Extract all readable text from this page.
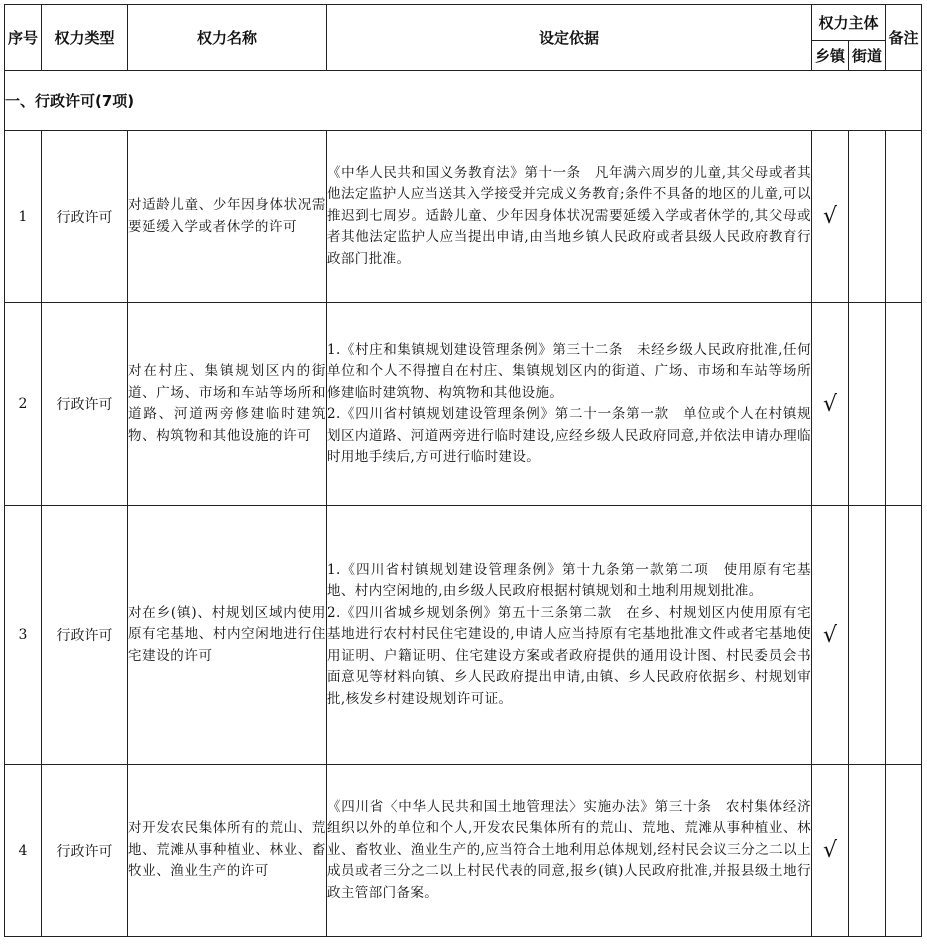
序号	权力类型	权力名称	设定依据	权力主体		备注
				乡镇	街道	
一、行政许可(7项)						
1	行政许可	对适龄儿童、少年因身体状况需要延缓入学或者休学的许可	《中华人民共和国义务教育法》第十一条　凡年满六周岁的儿童,其父母或者其他法定监护人应当送其入学接受并完成义务教育;条件不具备的地区的儿童,可以推迟到七周岁。适龄儿童、少年因身体状况需要延缓入学或者休学的,其父母或者其他法定监护人应当提出申请,由当地乡镇人民政府或者县级人民政府教育行政部门批准。	√		
2	行政许可	对在村庄、集镇规划区内的街道、广场、市场和车站等场所和道路、河道两旁修建临时建筑物、构筑物和其他设施的许可	1.《村庄和集镇规划建设管理条例》第三十二条　未经乡级人民政府批准,任何单位和个人不得擅自在村庄、集镇规划区内的街道、广场、市场和车站等场所修建临时建筑物、构筑物和其他设施。
2.《四川省村镇规划建设管理条例》第二十一条第一款　单位或个人在村镇规划区内道路、河道两旁进行临时建设,应经乡级人民政府同意,并依法申请办理临时用地手续后,方可进行临时建设。	√		
3	行政许可	对在乡(镇)、村规划区域内使用原有宅基地、村内空闲地进行住宅建设的许可	1.《四川省村镇规划建设管理条例》第十九条第一款第二项　使用原有宅基地、村内空闲地的,由乡级人民政府根据村镇规划和土地利用规划批准。
2.《四川省城乡规划条例》第五十三条第二款　在乡、村规划区内使用原有宅基地进行农村村民住宅建设的,申请人应当持原有宅基地批准文件或者宅基地使用证明、户籍证明、住宅建设方案或者政府提供的通用设计图、村民委员会书面意见等材料向镇、乡人民政府提出申请,由镇、乡人民政府依据乡、村规划审批,核发乡村建设规划许可证。	√		
4	行政许可	对开发农民集体所有的荒山、荒地、荒滩从事种植业、林业、畜牧业、渔业生产的许可	《四川省〈中华人民共和国土地管理法〉实施办法》第三十条　农村集体经济组织以外的单位和个人,开发农民集体所有的荒山、荒地、荒滩从事种植业、林业、畜牧业、渔业生产的,应当符合土地利用总体规划,经村民会议三分之二以上成员或者三分之二以上村民代表的同意,报乡(镇)人民政府批准,并报县级土地行政主管部门备案。	√		
